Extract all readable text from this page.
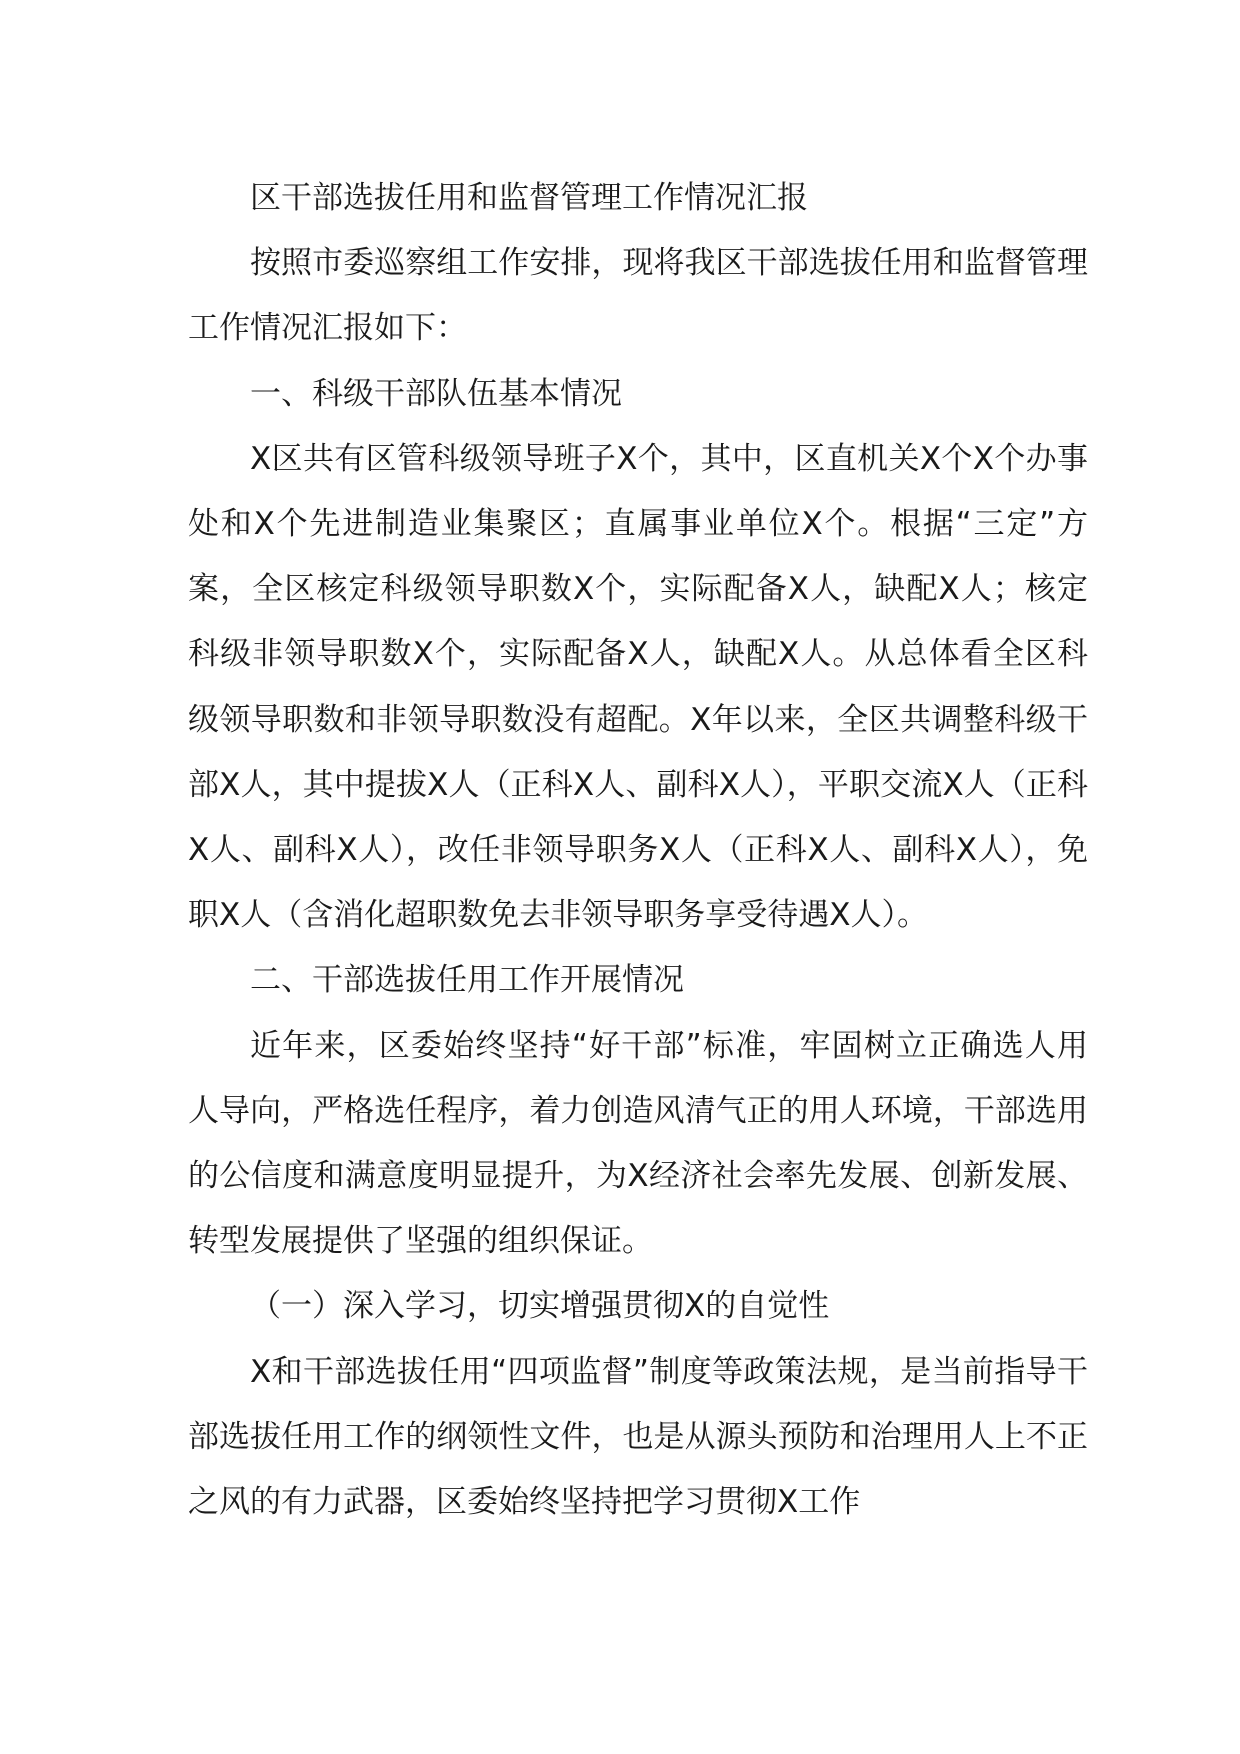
区干部选拔任用和监督管理工作情况汇报

按照市委巡察组工作安排，现将我区干部选拔任用和监督管理工作情况汇报如下：

一、科级干部队伍基本情况

X区共有区管科级领导班子X个，其中，区直机关X个X个办事处和X个先进制造业集聚区；直属事业单位X个。根据“三定”方案，全区核定科级领导职数X个，实际配备X人，缺配X人；核定科级非领导职数X个，实际配备X人，缺配X人。从总体看全区科级领导职数和非领导职数没有超配。X年以来，全区共调整科级干部X人，其中提拔X人（正科X人、副科X人），平职交流X人（正科X人、副科X人），改任非领导职务X人（正科X人、副科X人），免职X人（含消化超职数免去非领导职务享受待遇X人）。

二、干部选拔任用工作开展情况

近年来，区委始终坚持“好干部”标准，牢固树立正确选人用人导向，严格选任程序，着力创造风清气正的用人环境，干部选用的公信度和满意度明显提升，为X经济社会率先发展、创新发展、转型发展提供了坚强的组织保证。

（一）深入学习，切实增强贯彻X的自觉性

X和干部选拔任用“四项监督”制度等政策法规，是当前指导干部选拔任用工作的纲领性文件，也是从源头预防和治理用人上不正之风的有力武器，区委始终坚持把学习贯彻X工作
